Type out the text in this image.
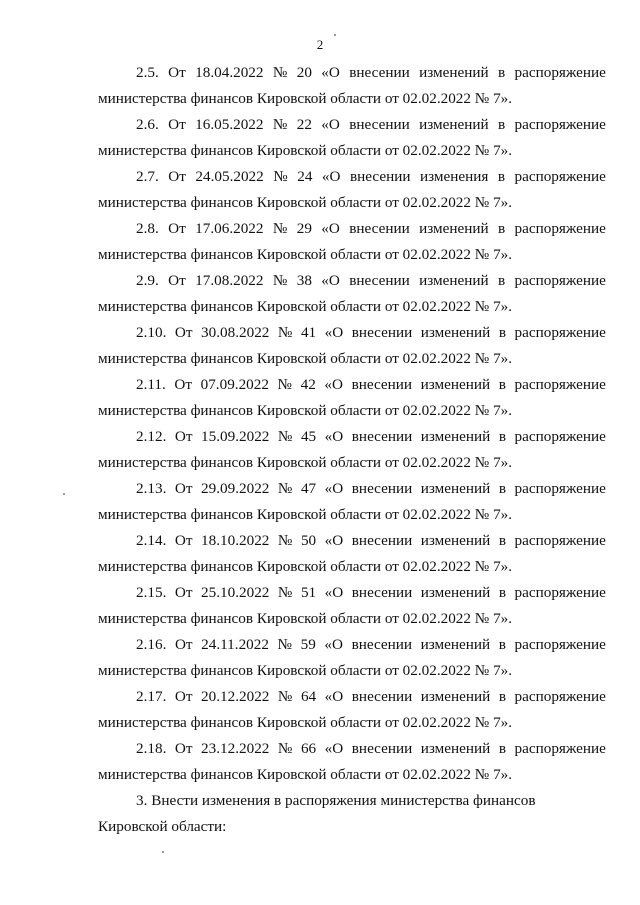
2
2.5. От 18.04.2022 № 20 «О внесении изменений в распоряжение
министерства финансов Кировской области от 02.02.2022 № 7».
2.6. От 16.05.2022 № 22 «О внесении изменений в распоряжение
министерства финансов Кировской области от 02.02.2022 № 7».
2.7. От 24.05.2022 № 24 «О внесении изменения в распоряжение
министерства финансов Кировской области от 02.02.2022 № 7».
2.8. От 17.06.2022 № 29 «О внесении изменений в распоряжение
министерства финансов Кировской области от 02.02.2022 № 7».
2.9. От 17.08.2022 № 38 «О внесении изменений в распоряжение
министерства финансов Кировской области от 02.02.2022 № 7».
2.10. От 30.08.2022 № 41 «О внесении изменений в распоряжение
министерства финансов Кировской области от 02.02.2022 № 7».
2.11. От 07.09.2022 № 42 «О внесении изменений в распоряжение
министерства финансов Кировской области от 02.02.2022 № 7».
2.12. От 15.09.2022 № 45 «О внесении изменений в распоряжение
министерства финансов Кировской области от 02.02.2022 № 7».
2.13. От 29.09.2022 № 47 «О внесении изменений в распоряжение
министерства финансов Кировской области от 02.02.2022 № 7».
2.14. От 18.10.2022 № 50 «О внесении изменений в распоряжение
министерства финансов Кировской области от 02.02.2022 № 7».
2.15. От 25.10.2022 № 51 «О внесении изменений в распоряжение
министерства финансов Кировской области от 02.02.2022 № 7».
2.16. От 24.11.2022 № 59 «О внесении изменений в распоряжение
министерства финансов Кировской области от 02.02.2022 № 7».
2.17. От 20.12.2022 № 64 «О внесении изменений в распоряжение
министерства финансов Кировской области от 02.02.2022 № 7».
2.18. От 23.12.2022 № 66 «О внесении изменений в распоряжение
министерства финансов Кировской области от 02.02.2022 № 7».

3. Внести изменения в распоряжения министерства финансов Кировской области:
